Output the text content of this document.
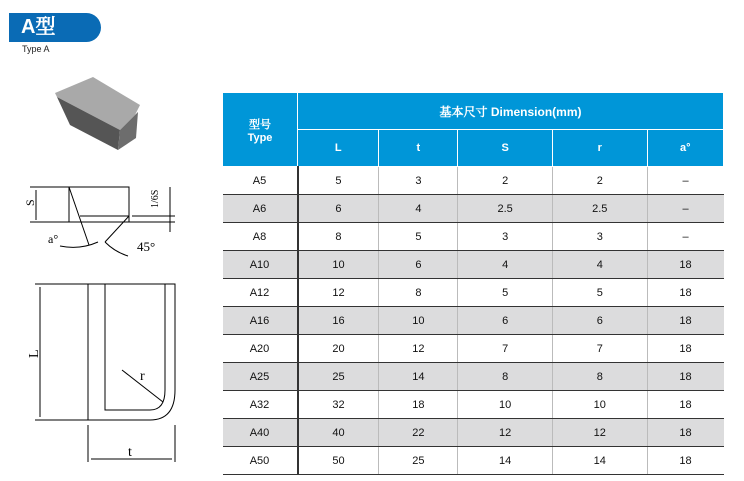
A型
Type A
S	1/6S
a°	45°
L
r
t
型号
Type	基本尺寸 Dimension(mm)				
	L	t	S	r	a°
A5	5	3	2	2	–
A6	6	4	2.5	2.5	–
A8	8	5	3	3	–
A10	10	6	4	4	18
A12	12	8	5	5	18
A16	16	10	6	6	18
A20	20	12	7	7	18
A25	25	14	8	8	18
A32	32	18	10	10	18
A40	40	22	12	12	18
A50	50	25	14	14	18
